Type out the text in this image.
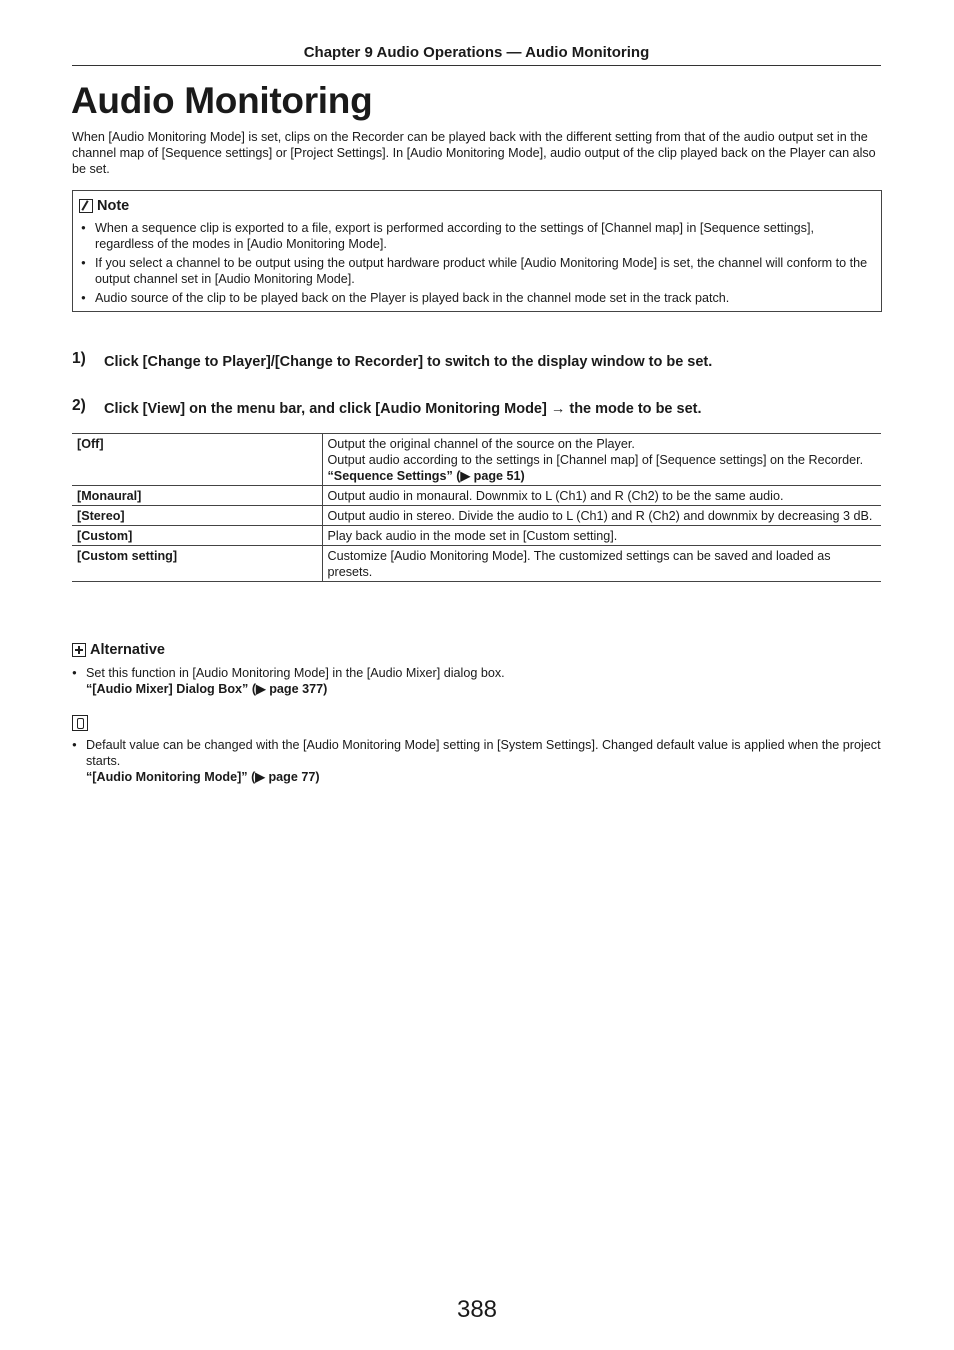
Chapter 9 Audio Operations — Audio Monitoring
Audio Monitoring

When [Audio Monitoring Mode] is set, clips on the Recorder can be played back with the different setting from that of the audio output set in the channel map of [Sequence settings] or [Project Settings]. In [Audio Monitoring Mode], audio output of the clip played back on the Player can also be set.

Note
● When a sequence clip is exported to a file, export is performed according to the settings of [Channel map] in [Sequence settings], regardless of the modes in [Audio Monitoring Mode].
● If you select a channel to be output using the output hardware product while [Audio Monitoring Mode] is set, the channel will conform to the output channel set in [Audio Monitoring Mode].
● Audio source of the clip to be played back on the Player is played back in the channel mode set in the track patch.
1)	Click [Change to Player]/[Change to Recorder] to switch to the display window to be set.
2)	Click [View] on the menu bar, and click [Audio Monitoring Mode] → the mode to be set.
[Off]	Output the original channel of the source on the Player.
Output audio according to the settings in [Channel map] of [Sequence settings] on the Recorder.
“Sequence Settings” (▶ page 51)

[Monaural]	Output audio in monaural. Downmix to L (Ch1) and R (Ch2) to be the same audio.
[Stereo]	Output audio in stereo. Divide the audio to L (Ch1) and R (Ch2) and downmix by decreasing 3 dB.
[Custom]	Play back audio in the mode set in [Custom setting].
[Custom setting]	Customize [Audio Monitoring Mode]. The customized settings can be saved and loaded as presets.
Alternative
● Set this function in [Audio Monitoring Mode] in the [Audio Mixer] dialog box.
“[Audio Mixer] Dialog Box” (▶ page 377)
● Default value can be changed with the [Audio Monitoring Mode] setting in [System Settings]. Changed default value is applied when the project starts.
“[Audio Monitoring Mode]” (▶ page 77)
388
